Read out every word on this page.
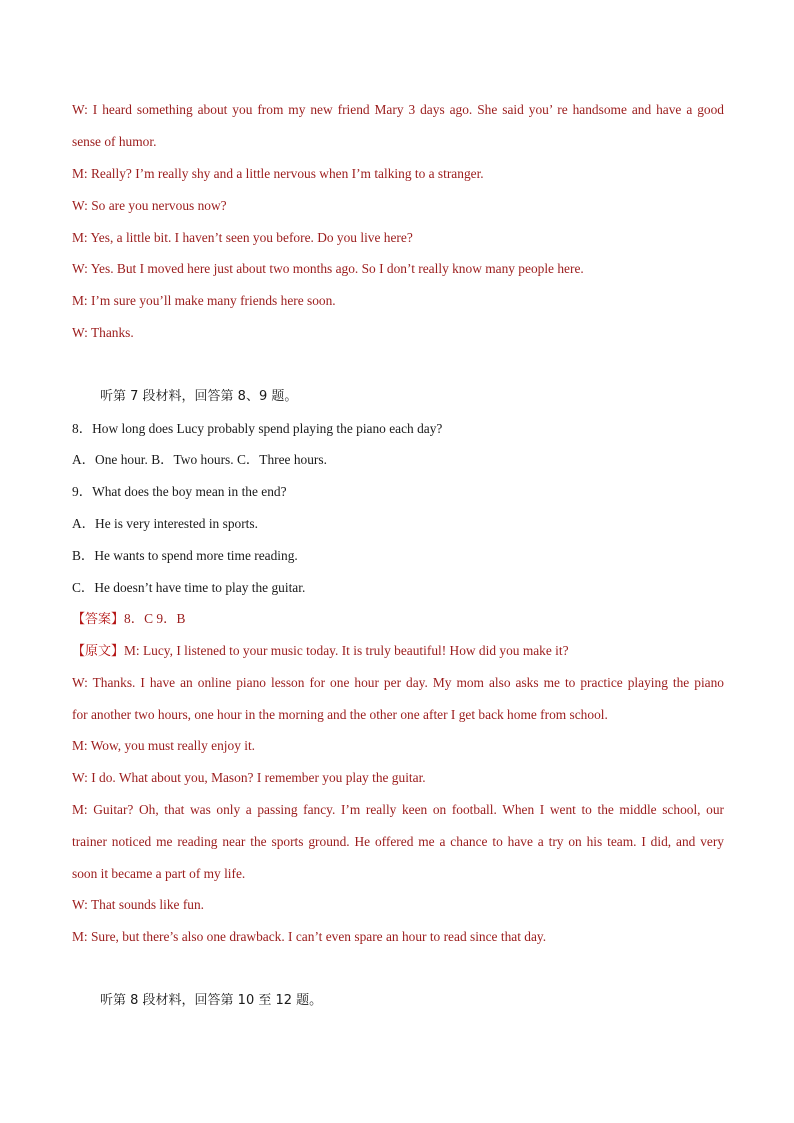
W: I heard something about you from my new friend Mary 3 days ago. She said you’ re handsome and have a good
sense of humor.
M: Really? I’m really shy and a little nervous when I’m talking to a stranger.
W: So are you nervous now?
M: Yes, a little bit. I haven’t seen you before. Do you live here?
W: Yes. But I moved here just about two months ago. So I don’t really know many people here.
M: I’m sure you’ll make many friends here soon.
W: Thanks.
听第 7 段材料，回答第 8、9 题。
8．How long does Lucy probably spend playing the piano each day?
A．One hour. B．Two hours. C．Three hours.
9．What does the boy mean in the end?
A．He is very interested in sports.
B．He wants to spend more time reading.
C．He doesn’t have time to play the guitar.
【答案】8．C 9．B
【原文】M: Lucy, I listened to your music today. It is truly beautiful! How did you make it?
W: Thanks. I have an online piano lesson for one hour per day. My mom also asks me to practice playing the piano
for another two hours, one hour in the morning and the other one after I get back home from school.
M: Wow, you must really enjoy it.
W: I do. What about you, Mason? I remember you play the guitar.
M: Guitar? Oh, that was only a passing fancy. I’m really keen on football. When I went to the middle school, our
trainer noticed me reading near the sports ground. He offered me a chance to have a try on his team. I did, and very
soon it became a part of my life.
W: That sounds like fun.
M: Sure, but there’s also one drawback. I can’t even spare an hour to read since that day.
听第 8 段材料，回答第 10 至 12 题。
